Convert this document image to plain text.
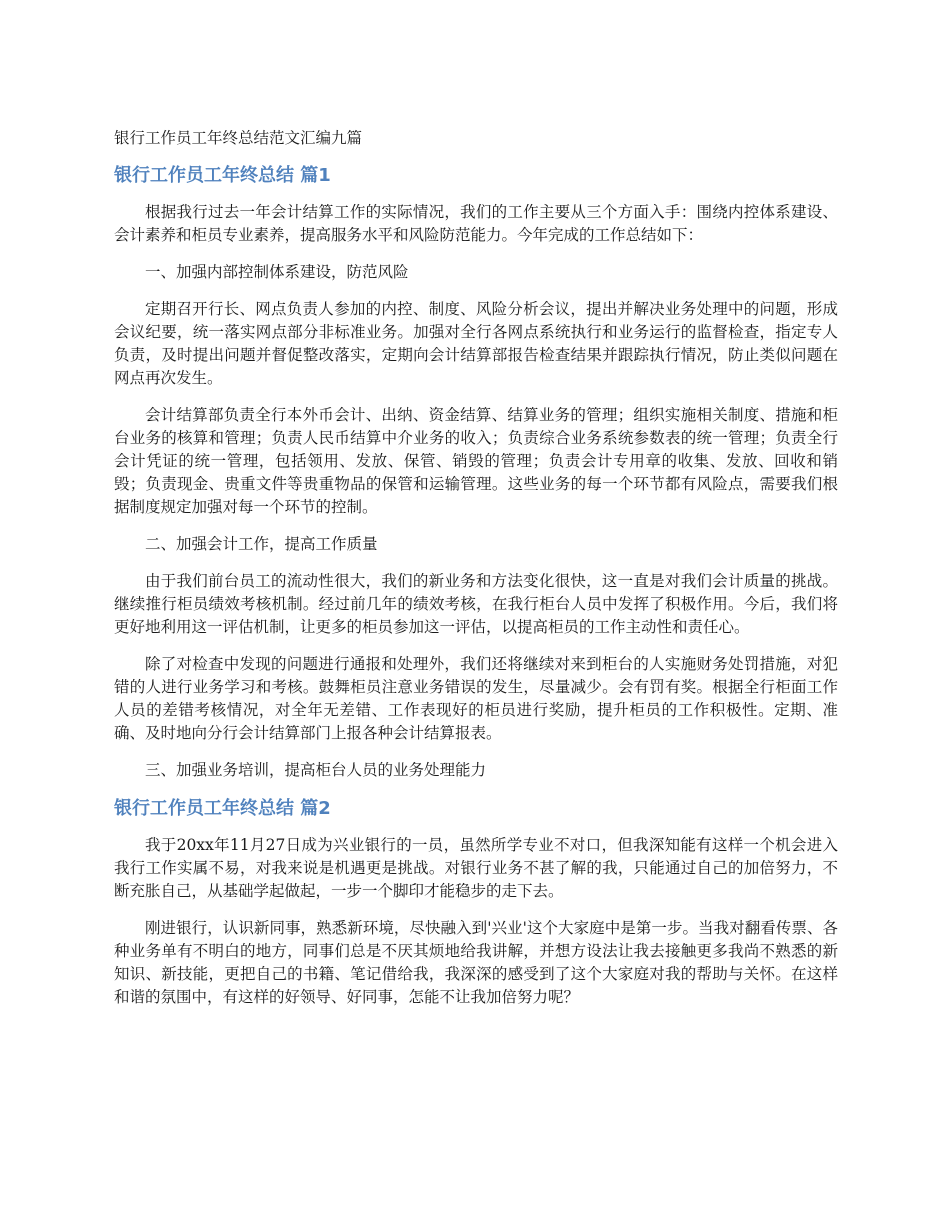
银行工作员工年终总结范文汇编九篇
银行工作员工年终总结 篇1

根据我行过去一年会计结算工作的实际情况，我们的工作主要从三个方面入手：围绕内控体系建设、会计素养和柜员专业素养，提高服务水平和风险防范能力。今年完成的工作总结如下：

一、加强内部控制体系建设，防范风险

定期召开行长、网点负责人参加的内控、制度、风险分析会议，提出并解决业务处理中的问题，形成会议纪要，统一落实网点部分非标准业务。加强对全行各网点系统执行和业务运行的监督检查，指定专人负责，及时提出问题并督促整改落实，定期向会计结算部报告检查结果并跟踪执行情况，防止类似问题在网点再次发生。

会计结算部负责全行本外币会计、出纳、资金结算、结算业务的管理；组织实施相关制度、措施和柜台业务的核算和管理；负责人民币结算中介业务的收入；负责综合业务系统参数表的统一管理；负责全行会计凭证的统一管理，包括领用、发放、保管、销毁的管理；负责会计专用章的收集、发放、回收和销毁；负责现金、贵重文件等贵重物品的保管和运输管理。这些业务的每一个环节都有风险点，需要我们根据制度规定加强对每一个环节的控制。

二、加强会计工作，提高工作质量

由于我们前台员工的流动性很大，我们的新业务和方法变化很快，这一直是对我们会计质量的挑战。继续推行柜员绩效考核机制。经过前几年的绩效考核，在我行柜台人员中发挥了积极作用。今后，我们将更好地利用这一评估机制，让更多的柜员参加这一评估，以提高柜员的工作主动性和责任心。

除了对检查中发现的问题进行通报和处理外，我们还将继续对来到柜台的人实施财务处罚措施，对犯错的人进行业务学习和考核。鼓舞柜员注意业务错误的发生，尽量减少。会有罚有奖。根据全行柜面工作人员的差错考核情况，对全年无差错、工作表现好的柜员进行奖励，提升柜员的工作积极性。定期、准确、及时地向分行会计结算部门上报各种会计结算报表。

三、加强业务培训，提高柜台人员的业务处理能力

银行工作员工年终总结 篇2

我于20xx年11月27日成为兴业银行的一员，虽然所学专业不对口，但我深知能有这样一个机会进入我行工作实属不易，对我来说是机遇更是挑战。对银行业务不甚了解的我，只能通过自己的加倍努力，不断充胀自己，从基础学起做起，一步一个脚印才能稳步的走下去。

刚进银行，认识新同事，熟悉新环境，尽快融入到'兴业'这个大家庭中是第一步。当我对翻看传票、各种业务单有不明白的地方，同事们总是不厌其烦地给我讲解，并想方设法让我去接触更多我尚不熟悉的新知识、新技能，更把自己的书籍、笔记借给我，我深深的感受到了这个大家庭对我的帮助与关怀。在这样和谐的氛围中，有这样的好领导、好同事，怎能不让我加倍努力呢？
